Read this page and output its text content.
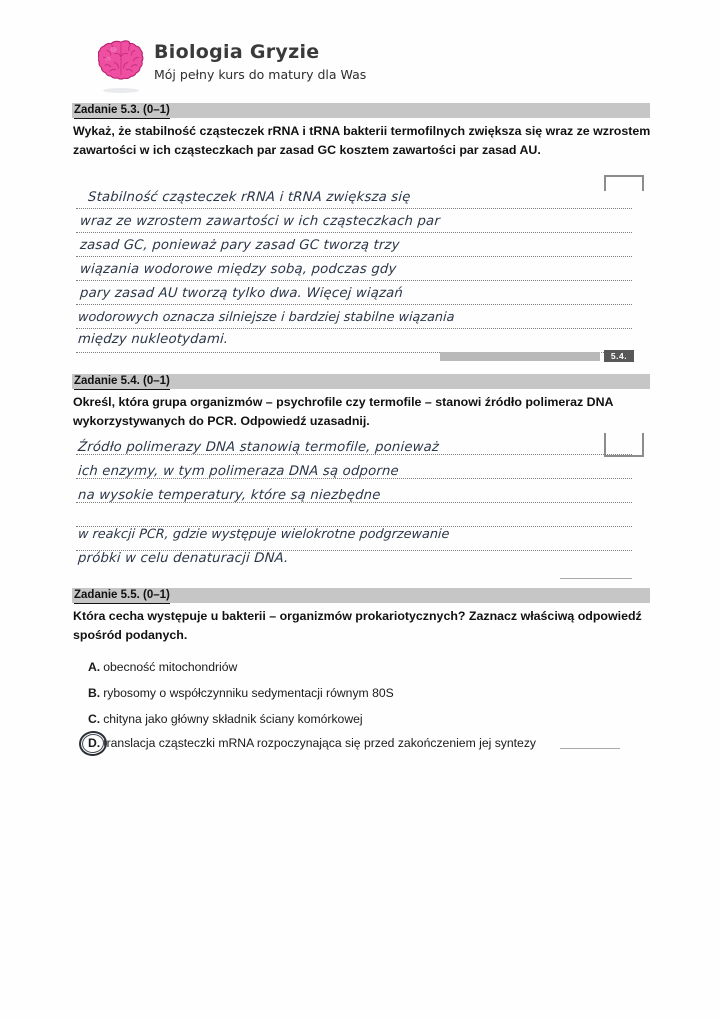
Biologia Gryzie
Mój pełny kurs do matury dla Was
Zadanie 5.3. (0–1)
Wykaż, że stabilność cząsteczek rRNA i tRNA bakterii termofilnych zwiększa się wraz ze wzrostem zawartości w ich cząsteczkach par zasad GC kosztem zawartości par zasad AU.
Stabilność cząsteczek rRNA i tRNA zwiększa się
wraz ze wzrostem zawartości w ich cząsteczkach par
zasad GC, ponieważ pary zasad GC tworzą trzy
wiązania wodorowe między sobą, podczas gdy
pary zasad AU tworzą tylko dwa. Więcej wiązań
wodorowych oznacza silniejsze i bardziej stabilne wiązania
między nukleotydami.
5.4.
Zadanie 5.4. (0–1)
Określ, która grupa organizmów – psychrofile czy termofile – stanowi źródło polimeraz DNA wykorzystywanych do PCR. Odpowiedź uzasadnij.
Źródło polimerazy DNA stanowią termofile, ponieważ
ich enzymy, w tym polimeraza DNA są odporne
na wysokie temperatury, które są niezbędne
w reakcji PCR, gdzie występuje wielokrotne podgrzewanie
próbki w celu denaturacji DNA.
Zadanie 5.5. (0–1)
Która cecha występuje u bakterii – organizmów prokariotycznych? Zaznacz właściwą odpowiedź spośród podanych.
A. obecność mitochondriów
B. rybosomy o współczynniku sedymentacji równym 80S
C. chityna jako główny składnik ściany komórkowej
D. translacja cząsteczki mRNA rozpoczynająca się przed zakończeniem jej syntezy
